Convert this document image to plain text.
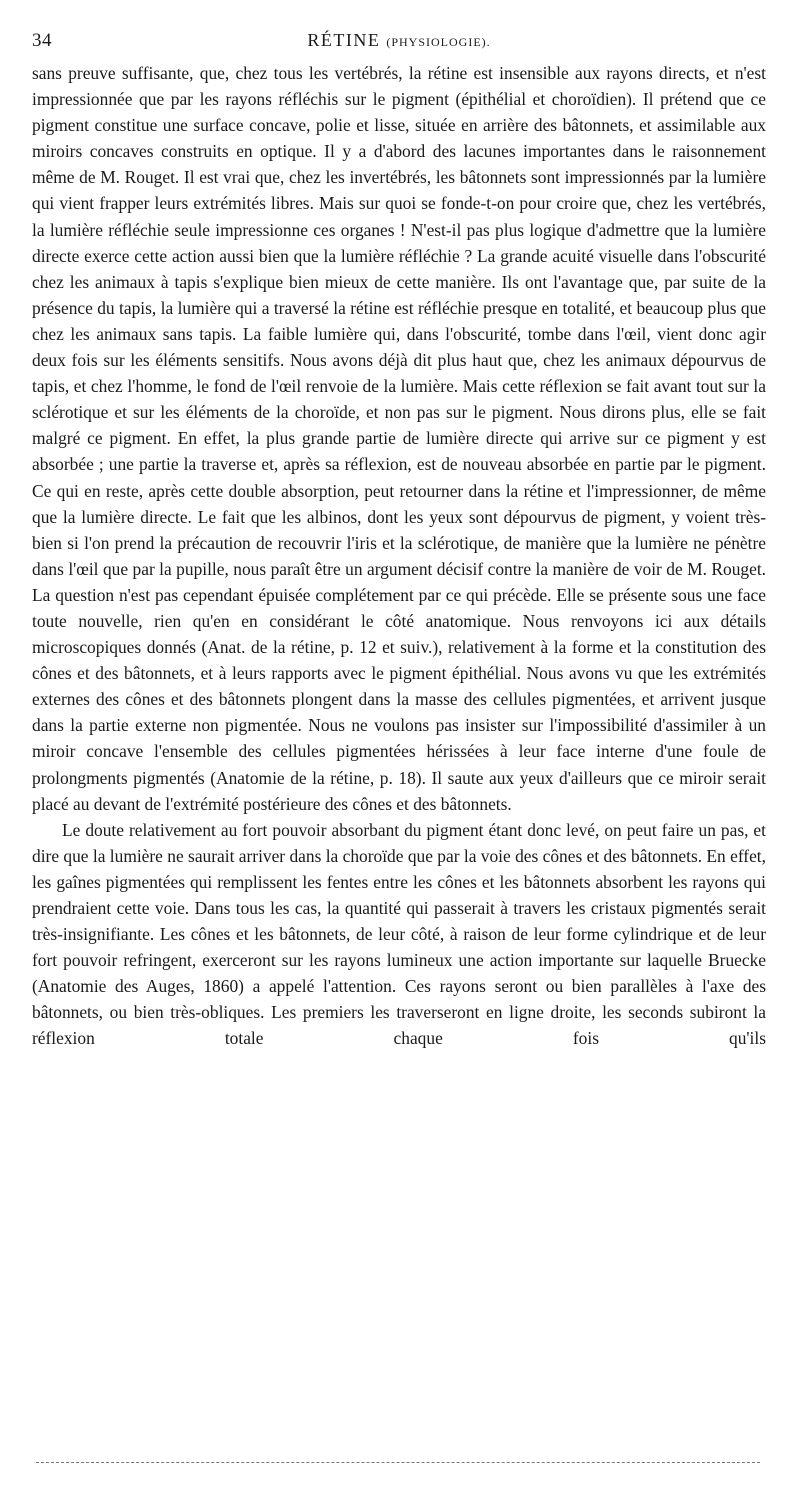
34	RÉTINE (PHYSIOLOGIE).

sans preuve suffisante, que, chez tous les vertébrés, la rétine est insensible aux rayons directs, et n'est impressionnée que par les rayons réfléchis sur le pigment (épithélial et choroïdien). Il prétend que ce pigment constitue une surface concave, polie et lisse, située en arrière des bâtonnets, et assimilable aux miroirs concaves construits en optique. Il y a d'abord des lacunes importantes dans le raisonnement même de M. Rouget. Il est vrai que, chez les invertébrés, les bâtonnets sont impressionnés par la lumière qui vient frapper leurs extrémités libres. Mais sur quoi se fonde-t-on pour croire que, chez les vertébrés, la lumière réfléchie seule impressionne ces organes ! N'est-il pas plus logique d'admettre que la lumière directe exerce cette action aussi bien que la lumière réfléchie ? La grande acuité visuelle dans l'obscurité chez les animaux à tapis s'explique bien mieux de cette manière. Ils ont l'avantage que, par suite de la présence du tapis, la lumière qui a traversé la rétine est réfléchie presque en totalité, et beaucoup plus que chez les animaux sans tapis. La faible lumière qui, dans l'obscurité, tombe dans l'œil, vient donc agir deux fois sur les éléments sensitifs. Nous avons déjà dit plus haut que, chez les animaux dépourvus de tapis, et chez l'homme, le fond de l'œil renvoie de la lumière. Mais cette réflexion se fait avant tout sur la sclérotique et sur les éléments de la choroïde, et non pas sur le pigment. Nous dirons plus, elle se fait malgré ce pigment. En effet, la plus grande partie de lumière directe qui arrive sur ce pigment y est absorbée ; une partie la traverse et, après sa réflexion, est de nouveau absorbée en partie par le pigment. Ce qui en reste, après cette double absorption, peut retourner dans la rétine et l'impressionner, de même que la lumière directe. Le fait que les albinos, dont les yeux sont dépourvus de pigment, y voient très-bien si l'on prend la précaution de recouvrir l'iris et la sclérotique, de manière que la lumière ne pénètre dans l'œil que par la pupille, nous paraît être un argument décisif contre la manière de voir de M. Rouget. La question n'est pas cependant épuisée complétement par ce qui précède. Elle se présente sous une face toute nouvelle, rien qu'en en considérant le côté anatomique. Nous renvoyons ici aux détails microscopiques donnés (Anat. de la rétine, p. 12 et suiv.), relativement à la forme et la constitution des cônes et des bâtonnets, et à leurs rapports avec le pigment épithélial. Nous avons vu que les extrémités externes des cônes et des bâtonnets plongent dans la masse des cellules pigmentées, et arrivent jusque dans la partie externe non pigmentée. Nous ne voulons pas insister sur l'impossibilité d'assimiler à un miroir concave l'ensemble des cellules pigmentées hérissées à leur face interne d'une foule de prolongments pigmentés (Anatomie de la rétine, p. 18). Il saute aux yeux d'ailleurs que ce miroir serait placé au devant de l'extrémité postérieure des cônes et des bâtonnets.

Le doute relativement au fort pouvoir absorbant du pigment étant donc levé, on peut faire un pas, et dire que la lumière ne saurait arriver dans la choroïde que par la voie des cônes et des bâtonnets. En effet, les gaînes pigmentées qui remplissent les fentes entre les cônes et les bâtonnets absorbent les rayons qui prendraient cette voie. Dans tous les cas, la quantité qui passerait à travers les cristaux pigmentés serait très-insignifiante. Les cônes et les bâtonnets, de leur côté, à raison de leur forme cylindrique et de leur fort pouvoir refringent, exerceront sur les rayons lumineux une action importante sur laquelle Bruecke (Anatomie des Auges, 1860) a appelé l'attention. Ces rayons seront ou bien parallèles à l'axe des bâtonnets, ou bien très-obliques. Les premiers les traverseront en ligne droite, les seconds subiront la réflexion totale chaque fois qu'ils
